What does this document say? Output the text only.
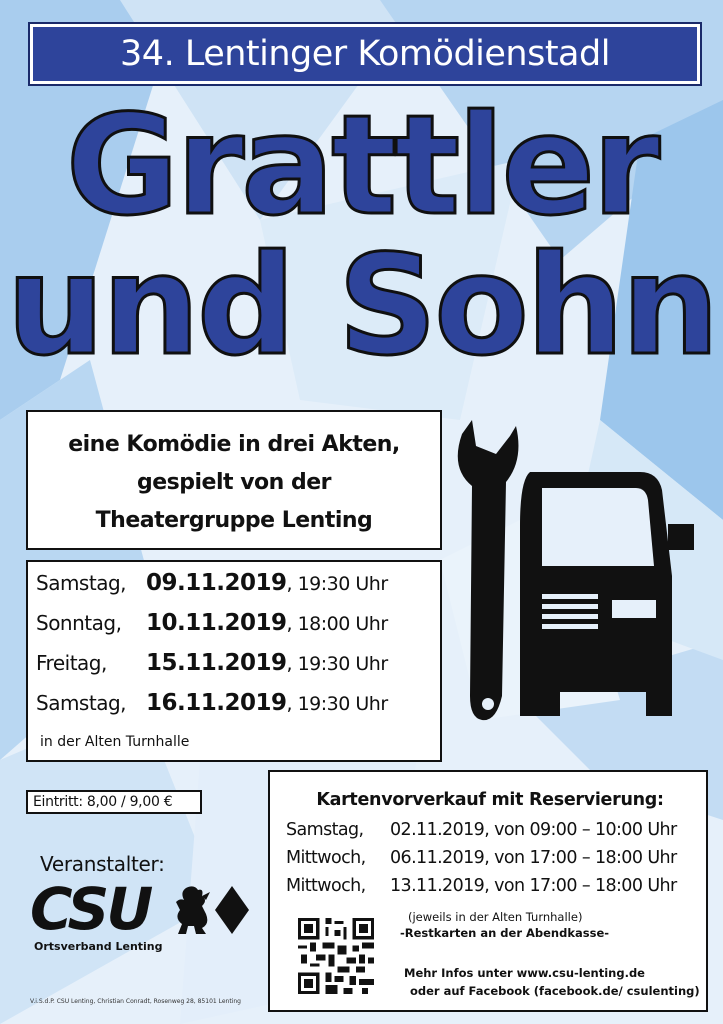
34. Lentinger Komödienstadl
Grattler
und Sohn
eine Komödie in drei Akten,
gespielt von der
Theatergruppe Lenting
Samstag, 09.11.2019 , 19:30 Uhr
Sonntag,	10.11.2019 , 18:00 Uhr
Freitag,	15.11.2019 , 19:30 Uhr
Samstag, 16.11.2019 , 19:30 Uhr
in der Alten Turnhalle
Eintritt: 8,00 / 9,00 €
Veranstalter:
CSU
Ortsverband Lenting
V.i.S.d.P. CSU Lenting, Christian Conradt, Rosenweg 28, 85101 Lenting
Kartenvorverkauf mit Reservierung:
Samstag, 02.11.2019, von 09:00 – 10:00 Uhr
Mittwoch, 06.11.2019, von 17:00 – 18:00 Uhr
Mittwoch, 13.11.2019, von 17:00 – 18:00 Uhr
(jeweils in der Alten Turnhalle)
-Restkarten an der Abendkasse-
Mehr Infos unter www.csu-lenting.de
oder auf Facebook (facebook.de/ csulenting)
